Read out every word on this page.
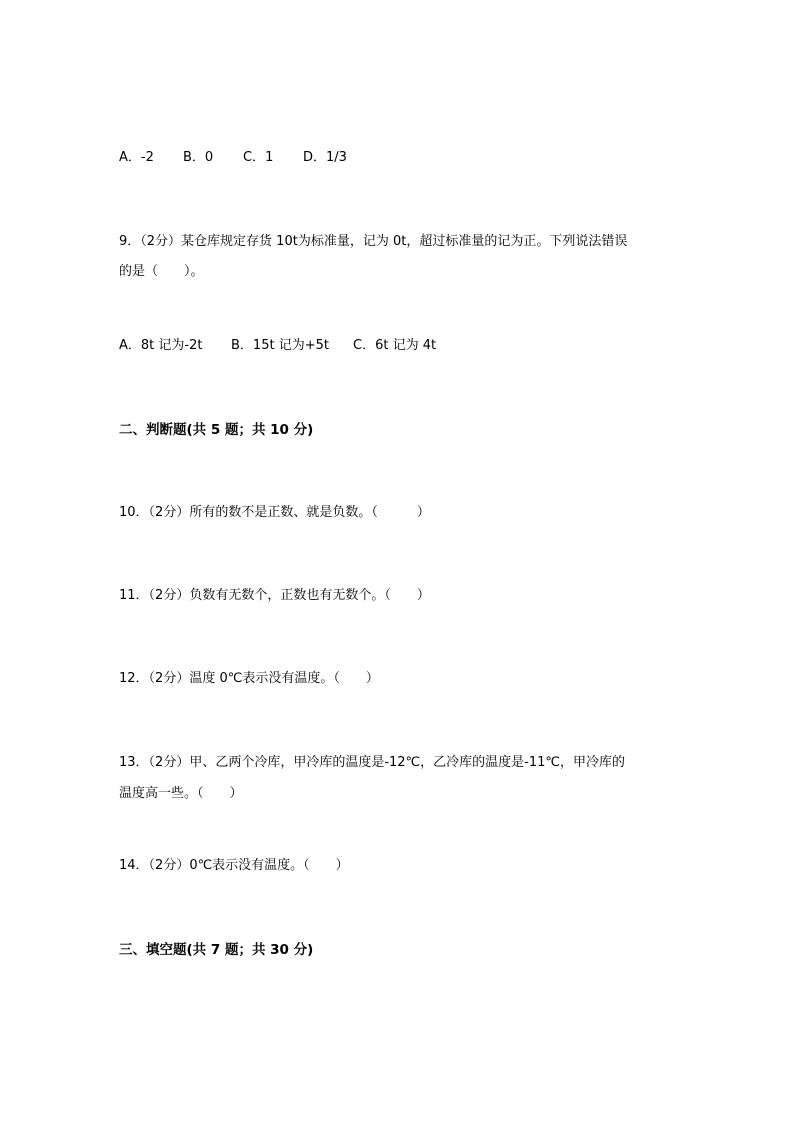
A．-2 B．0 C．1 D．1/3
9．（2分）某仓库规定存货 10t为标准量，记为 0t，超过标准量的记为正。下列说法错误
的是（　　）。
A．8t 记为-2t B．15t 记为+5t C．6t 记为 4t
二、判断题(共 5 题；共 10 分)
10．（2分）所有的数不是正数、就是负数。（　　　）
11．（2分）负数有无数个，正数也有无数个。（　　）
12．（2分）温度 0℃表示没有温度。（　　）
13．（2分）甲、乙两个冷库，甲冷库的温度是-12℃，乙冷库的温度是-11℃，甲冷库的
温度高一些。（　　）
14．（2分）0℃表示没有温度。（　　）
三、填空题(共 7 题；共 30 分)
